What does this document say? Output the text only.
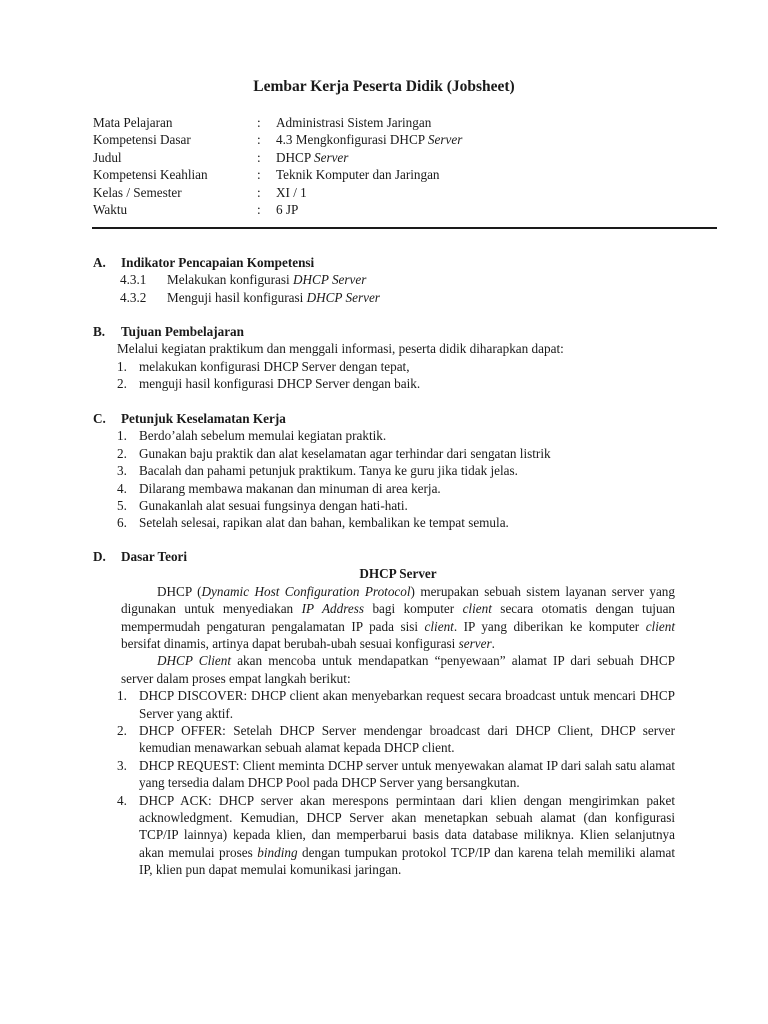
Lembar Kerja Peserta Didik (Jobsheet)
Mata Pelajaran	: Administrasi Sistem Jaringan
Kompetensi Dasar	: 4.3 Mengkonfigurasi DHCP Server
Judul	: DHCP Server
Kompetensi Keahlian	: Teknik Komputer dan Jaringan
Kelas / Semester	: XI / 1
Waktu	: 6 JP
A. Indikator Pencapaian Kompetensi
4.3.1 Melakukan konfigurasi DHCP Server
4.3.2 Menguji hasil konfigurasi DHCP Server
B. Tujuan Pembelajaran
Melalui kegiatan praktikum dan menggali informasi, peserta didik diharapkan dapat:
1. melakukan konfigurasi DHCP Server dengan tepat,
2. menguji hasil konfigurasi DHCP Server dengan baik.
C. Petunjuk Keselamatan Kerja
1. Berdo’alah sebelum memulai kegiatan praktik.
2. Gunakan baju praktik dan alat keselamatan agar terhindar dari sengatan listrik
3. Bacalah dan pahami petunjuk praktikum. Tanya ke guru jika tidak jelas.
4. Dilarang membawa makanan dan minuman di area kerja.
5. Gunakanlah alat sesuai fungsinya dengan hati-hati.
6. Setelah selesai, rapikan alat dan bahan, kembalikan ke tempat semula.
D. Dasar Teori
DHCP Server
DHCP (Dynamic Host Configuration Protocol) merupakan sebuah sistem layanan server yang digunakan untuk menyediakan IP Address bagi komputer client secara otomatis dengan tujuan mempermudah pengaturan pengalamatan IP pada sisi client. IP yang diberikan ke komputer client bersifat dinamis, artinya dapat berubah-ubah sesuai konfigurasi server.
DHCP Client akan mencoba untuk mendapatkan “penyewaan” alamat IP dari sebuah DHCP server dalam proses empat langkah berikut:
1. DHCP DISCOVER: DHCP client akan menyebarkan request secara broadcast untuk mencari DHCP Server yang aktif.
2. DHCP OFFER: Setelah DHCP Server mendengar broadcast dari DHCP Client, DHCP server kemudian menawarkan sebuah alamat kepada DHCP client.
3. DHCP REQUEST: Client meminta DCHP server untuk menyewakan alamat IP dari salah satu alamat yang tersedia dalam DHCP Pool pada DHCP Server yang bersangkutan.
4. DHCP ACK: DHCP server akan merespons permintaan dari klien dengan mengirimkan paket acknowledgment. Kemudian, DHCP Server akan menetapkan sebuah alamat (dan konfigurasi TCP/IP lainnya) kepada klien, dan memperbarui basis data database miliknya. Klien selanjutnya akan memulai proses binding dengan tumpukan protokol TCP/IP dan karena telah memiliki alamat IP, klien pun dapat memulai komunikasi jaringan.
